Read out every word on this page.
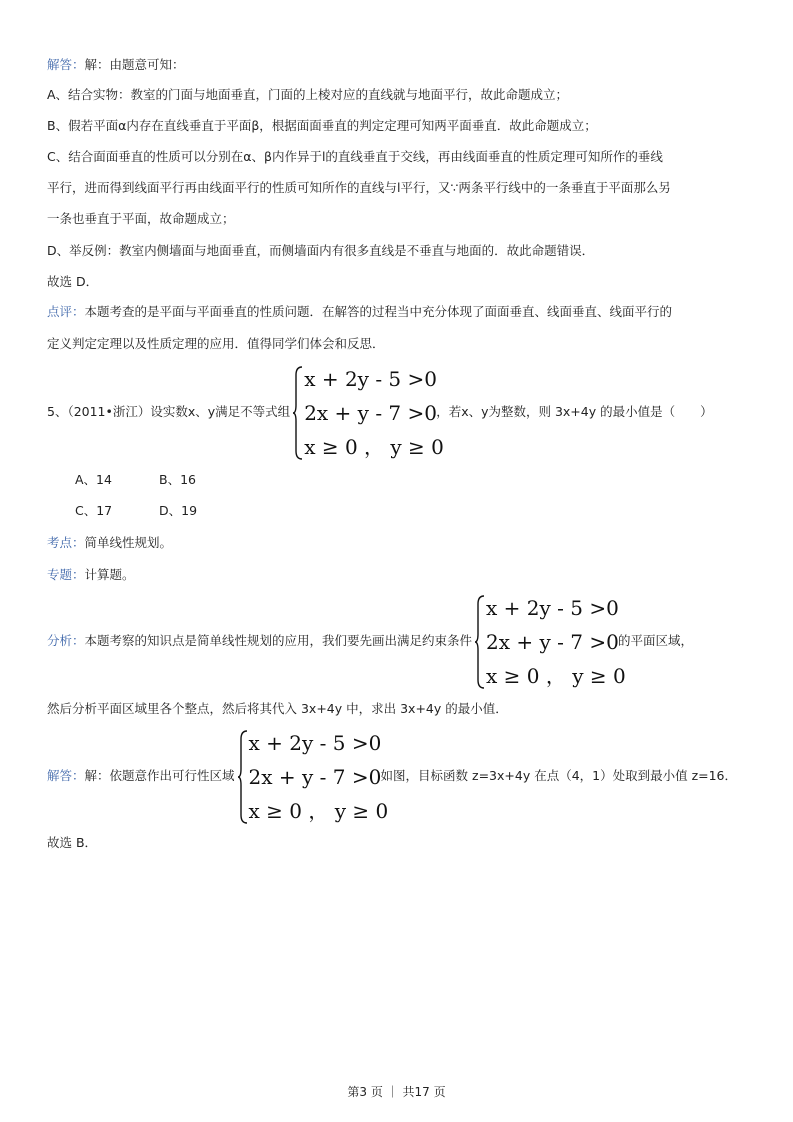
解答：解：由题意可知：
A、结合实物：教室的门面与地面垂直，门面的上棱对应的直线就与地面平行，故此命题成立；
B、假若平面α内存在直线垂直于平面β，根据面面垂直的判定定理可知两平面垂直．故此命题成立；
C、结合面面垂直的性质可以分别在α、β内作异于l的直线垂直于交线，再由线面垂直的性质定理可知所作的垂线
平行，进而得到线面平行再由线面平行的性质可知所作的直线与l平行，又∵两条平行线中的一条垂直于平面那么另
一条也垂直于平面，故命题成立；
D、举反例：教室内侧墙面与地面垂直，而侧墙面内有很多直线是不垂直与地面的．故此命题错误．
故选 D．
点评：本题考查的是平面与平面垂直的性质问题．在解答的过程当中充分体现了面面垂直、线面垂直、线面平行的
定义判定定理以及性质定理的应用．值得同学们体会和反思．
5、（2011•浙江）设实数x、y满足不等式组
x + 2y - 5 >0
2x + y - 7 >0
x ≥ 0 ， y ≥ 0
，若x、y为整数，则 3x+4y 的最小值是（　　）
A、14	B、16
C、17	D、19
考点：简单线性规划。
专题：计算题。
分析：本题考察的知识点是简单线性规划的应用，我们要先画出满足约束条件
x + 2y - 5 >0
2x + y - 7 >0
x ≥ 0 ， y ≥ 0
的平面区域，
然后分析平面区域里各个整点，然后将其代入 3x+4y 中，求出 3x+4y 的最小值．
解答：解：依题意作出可行性区域
x + 2y - 5 >0
2x + y - 7 >0
x ≥ 0 ， y ≥ 0
如图，目标函数 z=3x+4y 在点（4，1）处取到最小值 z=16．
故选 B．
第3 页 ｜ 共17 页
